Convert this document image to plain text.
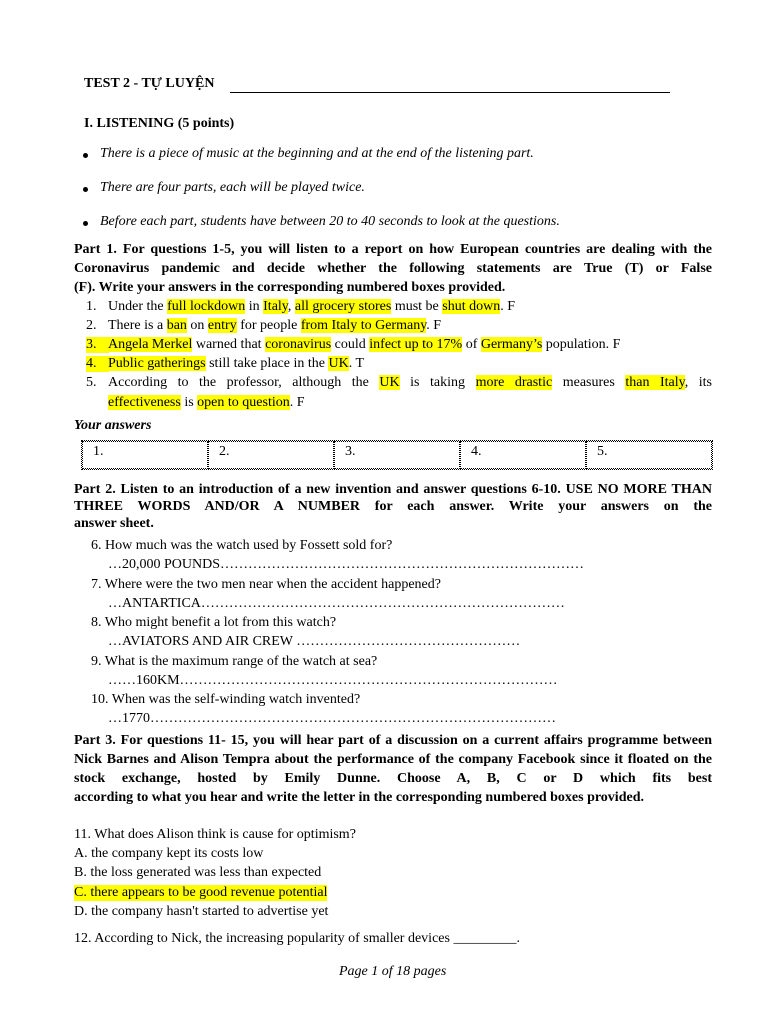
TEST 2 - TỰ LUYỆN
I. LISTENING (5 points)
There is a piece of music at the beginning and at the end of the listening part.
There are four parts, each will be played twice.
Before each part, students have between 20 to 40 seconds to look at the questions.
Part 1. For questions 1-5, you will listen to a report on how European countries are dealing with the Coronavirus pandemic and decide whether the following statements are True (T) or False
(F). Write your answers in the corresponding numbered boxes provided.
1. Under the full lockdown in Italy, all grocery stores must be shut down. F
2. There is a ban on entry for people from Italy to Germany. F
3. Angela Merkel warned that coronavirus could infect up to 17% of Germany’s population. F
4. Public gatherings still take place in the UK. T
5. According to the professor, although the UK is taking more drastic measures than Italy, its
effectiveness is open to question. F
Your answers
1.	2.	3.	4.	5.
Part 2. Listen to an introduction of a new invention and answer questions 6-10. USE NO MORE THAN THREE WORDS AND/OR A NUMBER for each answer. Write your answers on the
answer sheet.
6. How much was the watch used by Fossett sold for?
…20,000 POUNDS……………………………………………………………………
7. Where were the two men near when the accident happened?
…ANTARTICA……………………………………………………………………
8. Who might benefit a lot from this watch?
…AVIATORS AND AIR CREW …………………………………………
9. What is the maximum range of the watch at sea?
……160KM………………………………………………………………………
10. When was the self-winding watch invented?
…1770……………………………………………………………………………
Part 3. For questions 11- 15, you will hear part of a discussion on a current affairs programme between Nick Barnes and Alison Tempra about the performance of the company Facebook since it floated on the stock exchange, hosted by Emily Dunne. Choose A, B, C or D which fits best
according to what you hear and write the letter in the corresponding numbered boxes provided.
11. What does Alison think is cause for optimism?
A. the company kept its costs low
B. the loss generated was less than expected
C. there appears to be good revenue potential
D. the company hasn't started to advertise yet
12. According to Nick, the increasing popularity of smaller devices _________.
Page 1 of 18 pages
